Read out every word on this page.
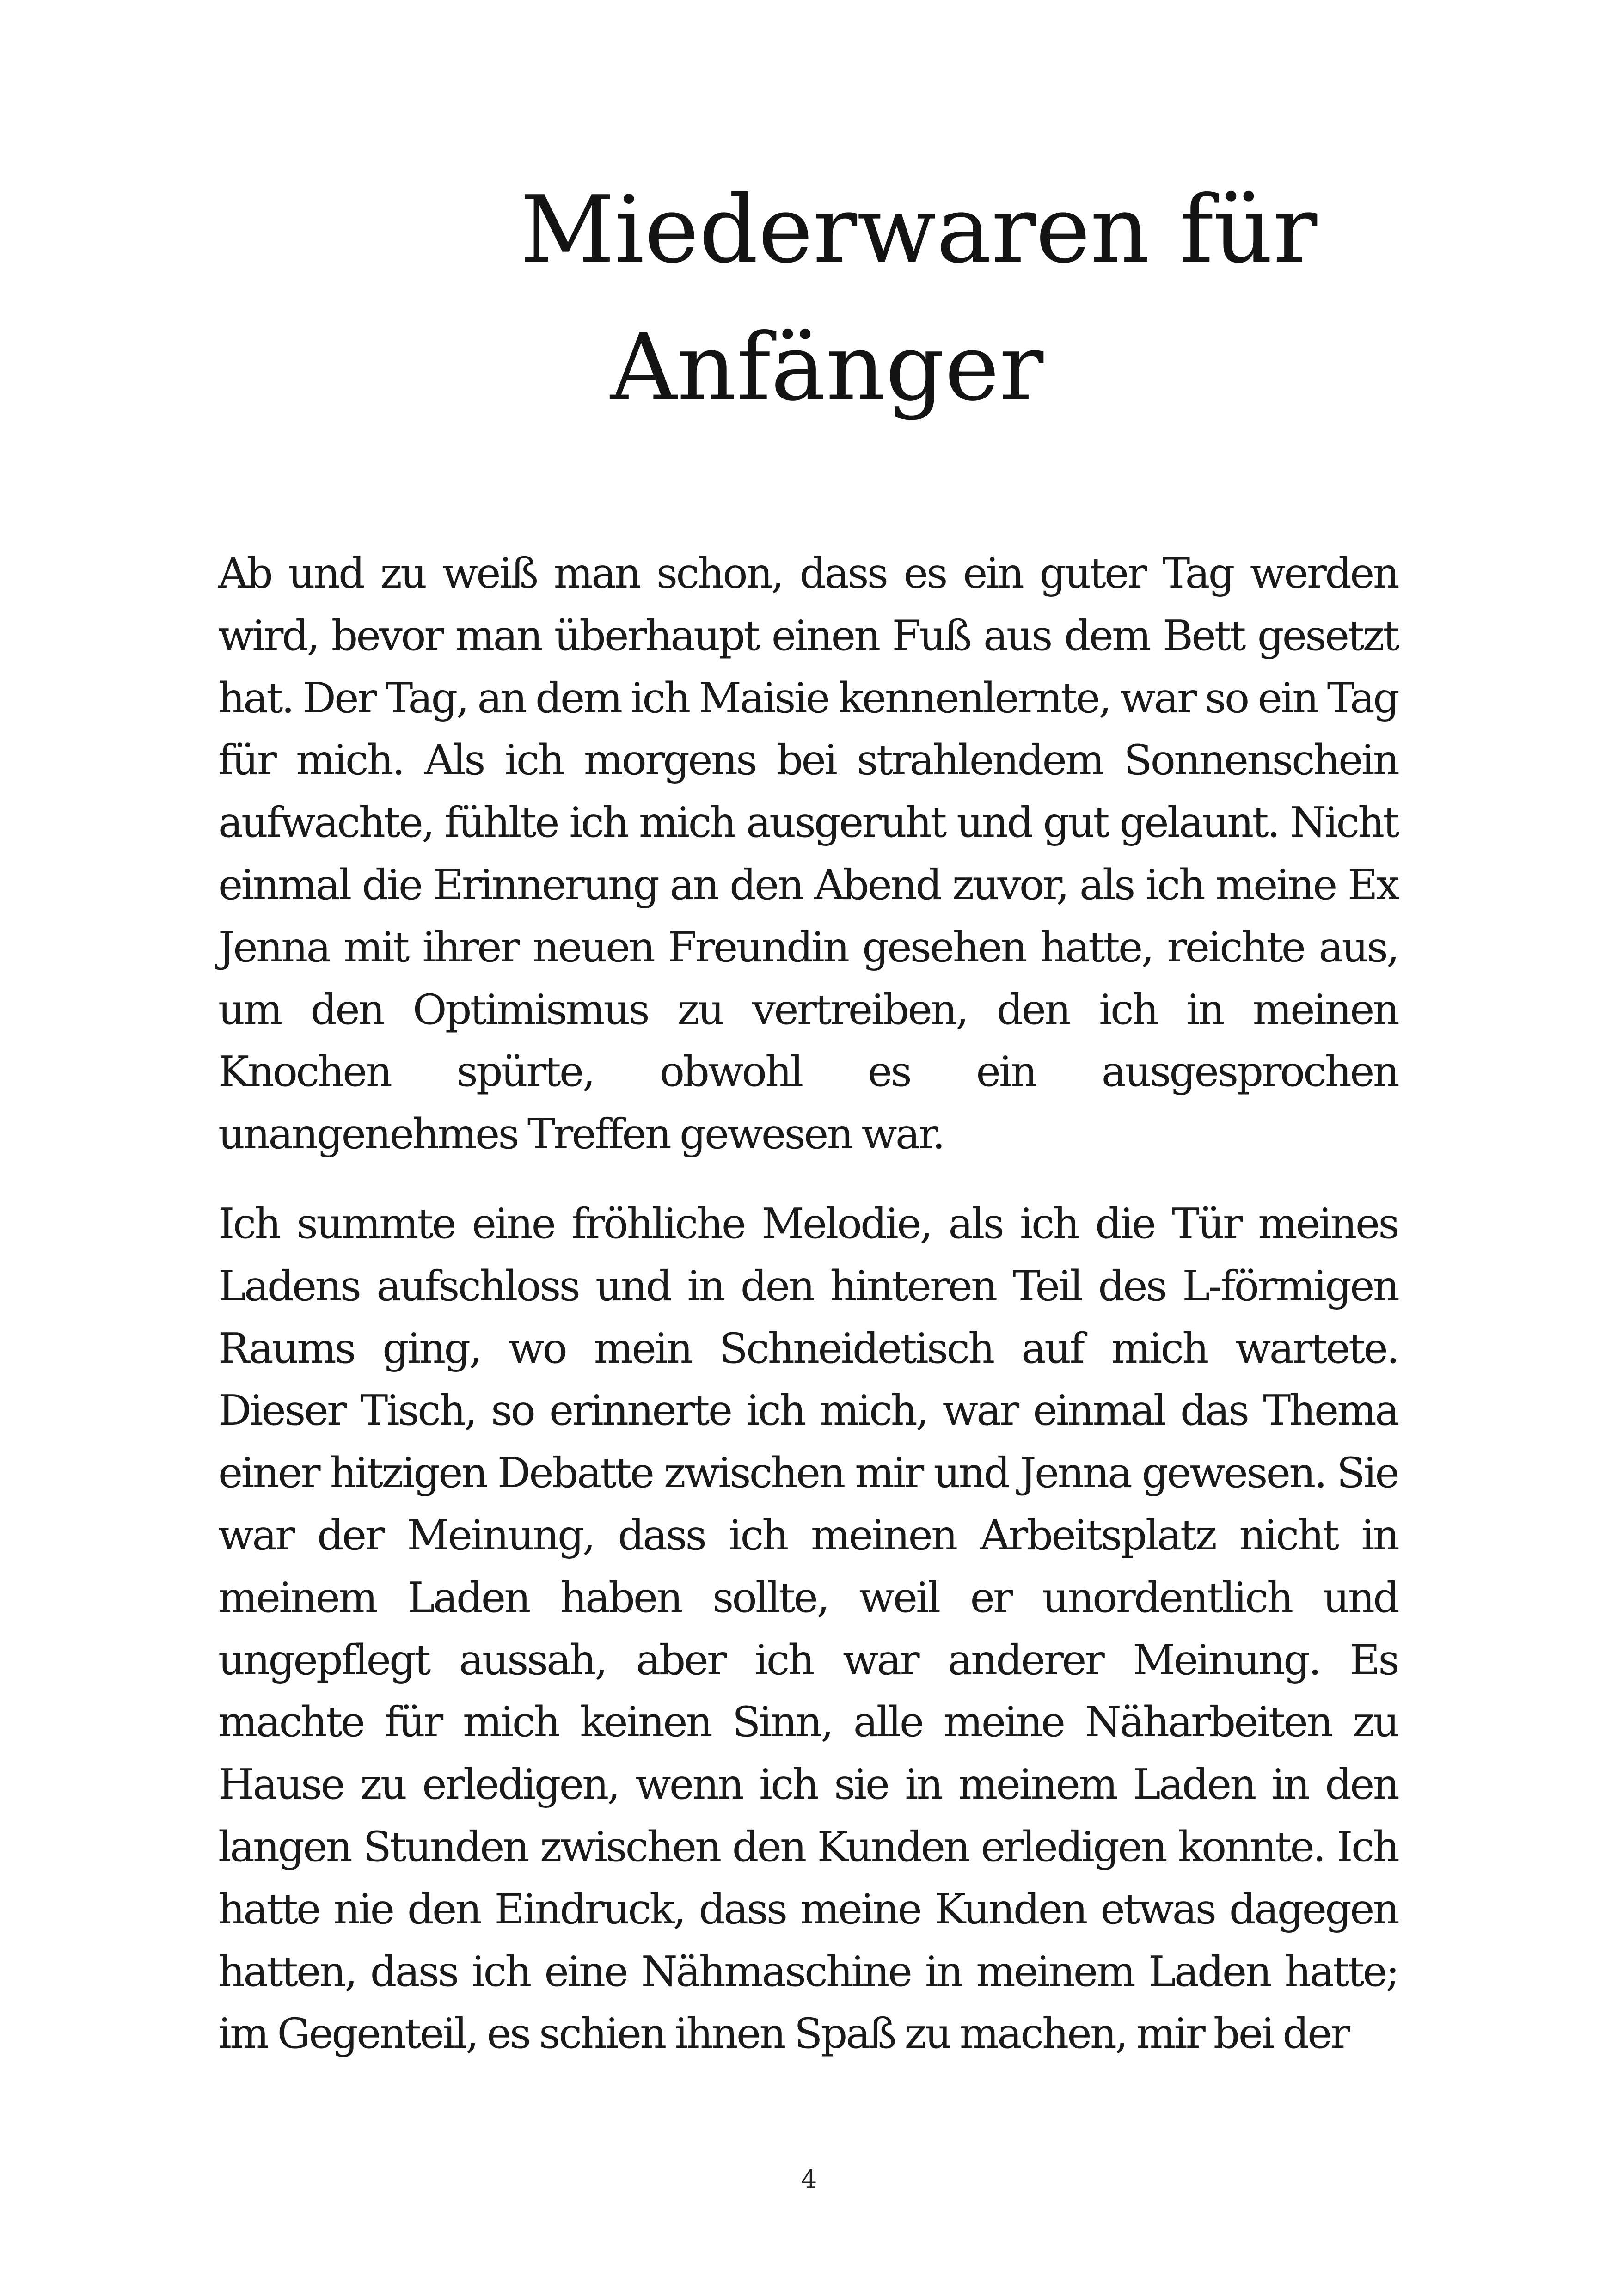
Miederwaren für
Anfänger

Ab und zu weiß man schon, dass es ein guter Tag werden wird, bevor man überhaupt einen Fuß aus dem Bett gesetzt hat. Der Tag, an dem ich Maisie kennenlernte, war so ein Tag für mich. Als ich morgens bei strahlendem Sonnenschein aufwachte, fühlte ich mich ausgeruht und gut gelaunt. Nicht einmal die Erinnerung an den Abend zuvor, als ich meine Ex Jenna mit ihrer neuen Freundin gesehen hatte, reichte aus, um den Optimismus zu vertreiben, den ich in meinen Knochen spürte, obwohl es ein ausgesprochen unangenehmes Treffen gewesen war.

Ich summte eine fröhliche Melodie, als ich die Tür meines Ladens aufschloss und in den hinteren Teil des L-förmigen Raums ging, wo mein Schneidetisch auf mich wartete. Dieser Tisch, so erinnerte ich mich, war einmal das Thema einer hitzigen Debatte zwischen mir und Jenna gewesen. Sie war der Meinung, dass ich meinen Arbeitsplatz nicht in meinem Laden haben sollte, weil er unordentlich und ungepflegt aussah, aber ich war anderer Meinung. Es machte für mich keinen Sinn, alle meine Näharbeiten zu Hause zu erledigen, wenn ich sie in meinem Laden in den langen Stunden zwischen den Kunden erledigen konnte. Ich hatte nie den Eindruck, dass meine Kunden etwas dagegen hatten, dass ich eine Nähmaschine in meinem Laden hatte; im Gegenteil, es schien ihnen Spaß zu machen, mir bei der

4
